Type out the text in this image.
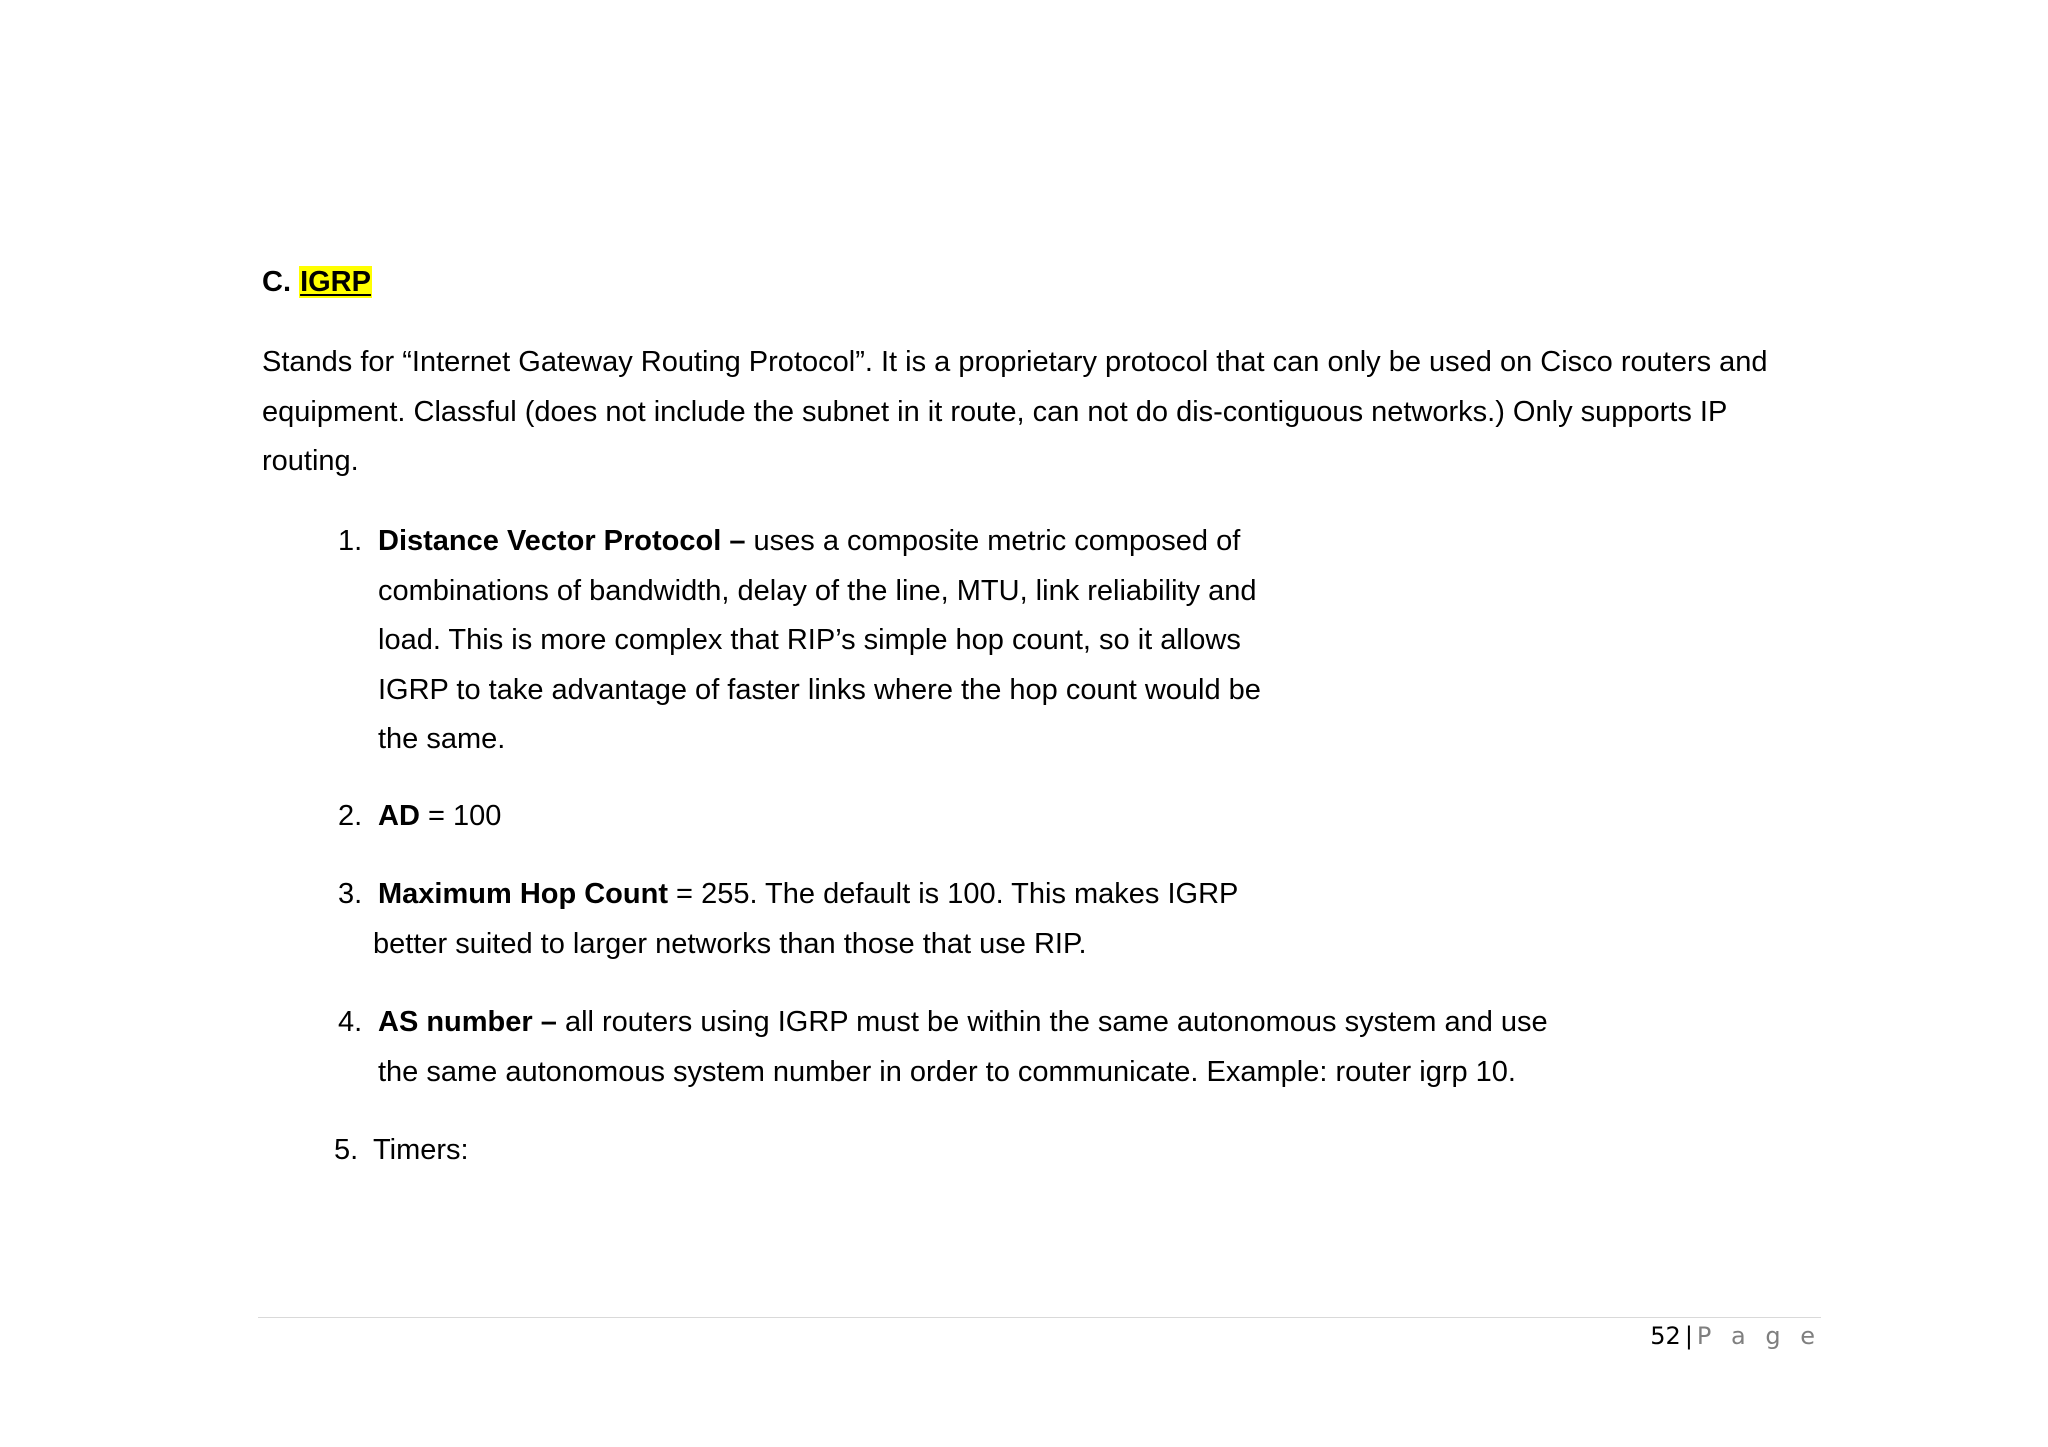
C. IGRP

Stands for “Internet Gateway Routing Protocol”. It is a proprietary protocol that can only be used on Cisco routers and equipment. Classful (does not include the subnet in it route, can not do dis-contiguous networks.) Only supports IP routing.

1. Distance Vector Protocol – uses a composite metric composed of combinations of bandwidth, delay of the line, MTU, link reliability and load. This is more complex that RIP’s simple hop count, so it allows IGRP to take advantage of faster links where the hop count would be the same.
2. AD = 100
3. Maximum Hop Count = 255. The default is 100. This makes IGRP better suited to larger networks than those that use RIP.
4. AS number – all routers using IGRP must be within the same autonomous system and use the same autonomous system number in order to communicate. Example: router igrp 10.
5. Timers:
52 | P a g e
